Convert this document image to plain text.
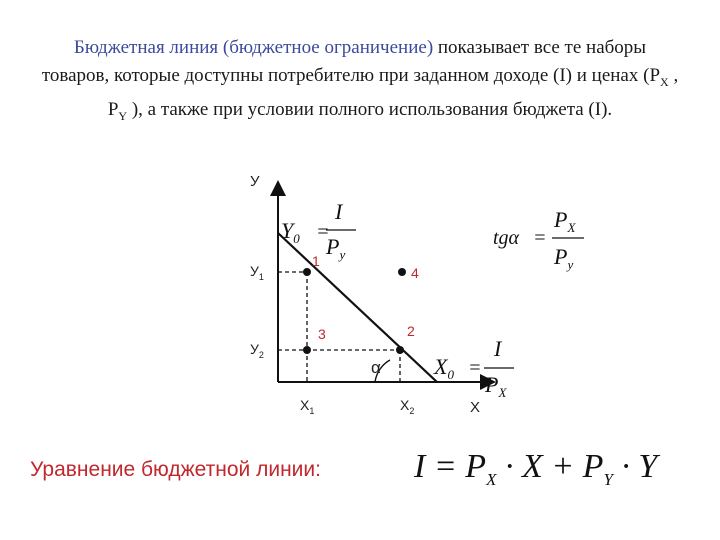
Бюджетная линия (бюджетное ограничение) показывает все те наборы товаров, которые доступны потребителю при заданном доходе (I) и ценах ($P_X$ , $P_Y$ ), а также при условии полного использования бюджета (I).
У
Х
α
1
2
3
4
$У_1$
$У_2$
$Х_1$	$Х_2$
$Y_0$ =
I
$P_y$
tgα =
$P_X$
$P_y$
$X_0$ =
I
$P_X$
Уравнение бюджетной линии:	$I = P_X \cdot X + P_Y \cdot Y$
